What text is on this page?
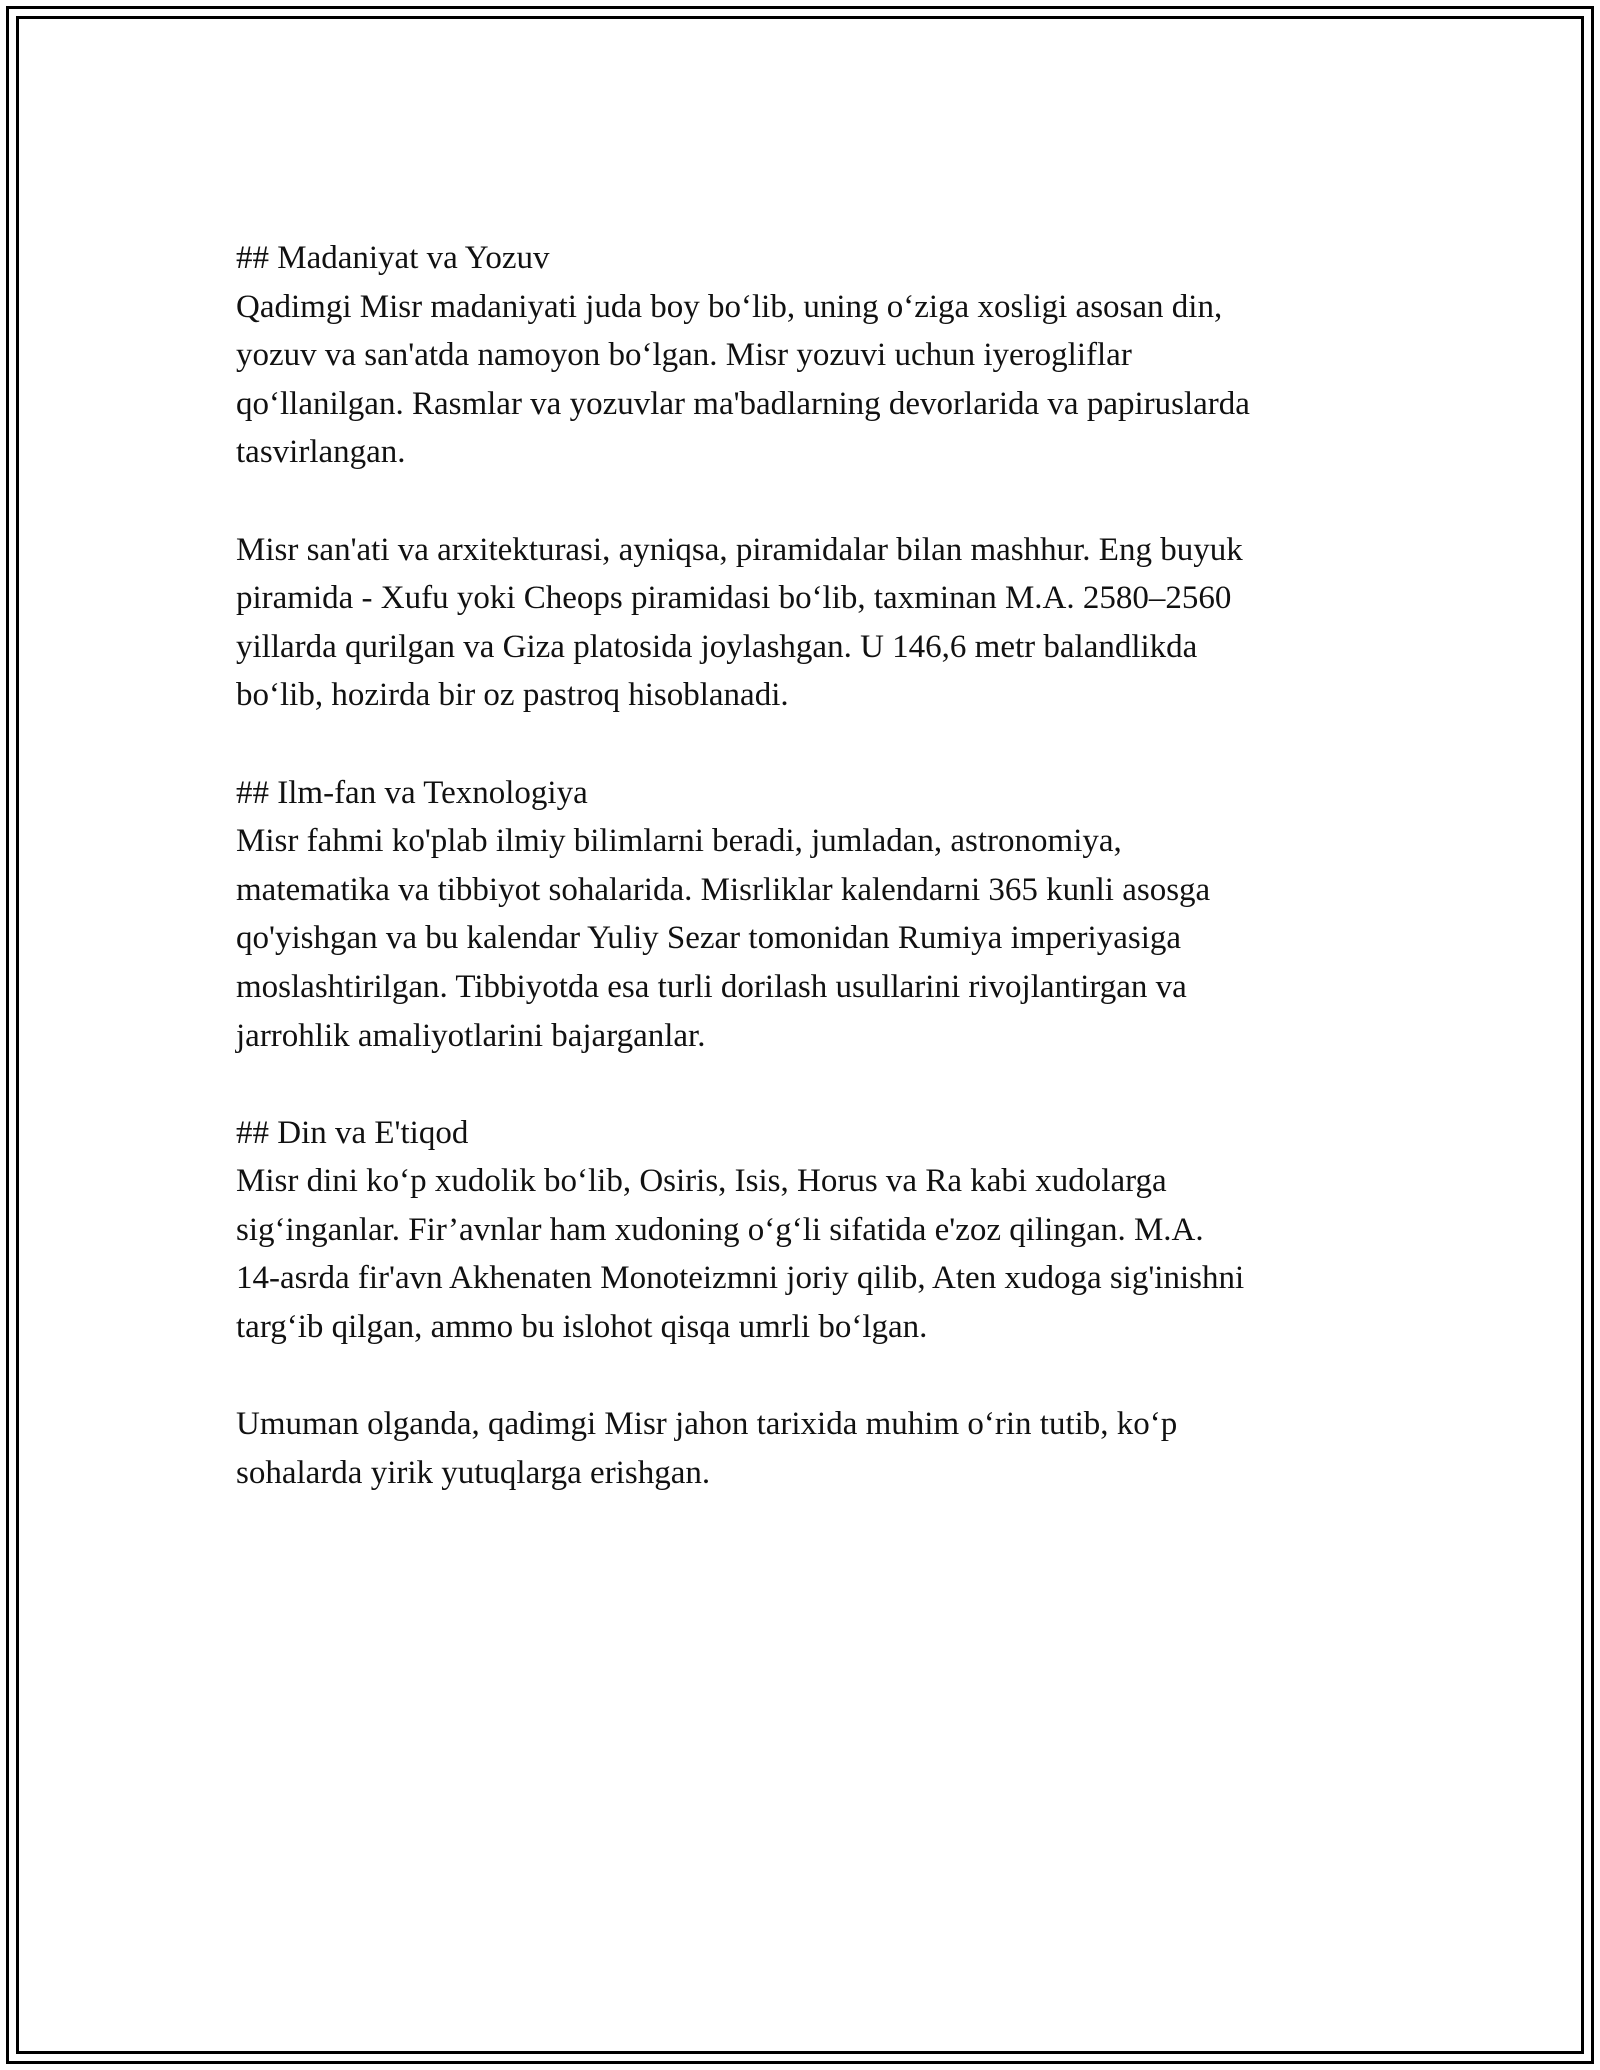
## Madaniyat va Yozuv
Qadimgi Misr madaniyati juda boy bo‘lib, uning o‘ziga xosligi asosan din,
yozuv va san'atda namoyon bo‘lgan. Misr yozuvi uchun iyerogliflar
qo‘llanilgan. Rasmlar va yozuvlar ma'badlarning devorlarida va papiruslarda
tasvirlangan.
Misr san'ati va arxitekturasi, ayniqsa, piramidalar bilan mashhur. Eng buyuk
piramida - Xufu yoki Cheops piramidasi bo‘lib, taxminan M.A. 2580–2560
yillarda qurilgan va Giza platosida joylashgan. U 146,6 metr balandlikda
bo‘lib, hozirda bir oz pastroq hisoblanadi.
## Ilm-fan va Texnologiya
Misr fahmi ko'plab ilmiy bilimlarni beradi, jumladan, astronomiya,
matematika va tibbiyot sohalarida. Misrliklar kalendarni 365 kunli asosga
qo'yishgan va bu kalendar Yuliy Sezar tomonidan Rumiya imperiyasiga
moslashtirilgan. Tibbiyotda esa turli dorilash usullarini rivojlantirgan va
jarrohlik amaliyotlarini bajarganlar.
## Din va E'tiqod
Misr dini ko‘p xudolik bo‘lib, Osiris, Isis, Horus va Ra kabi xudolarga
sig‘inganlar. Fir’avnlar ham xudoning o‘g‘li sifatida e'zoz qilingan. M.A.
14-asrda fir'avn Akhenaten Monoteizmni joriy qilib, Aten xudoga sig'inishni
targ‘ib qilgan, ammo bu islohot qisqa umrli bo‘lgan.
Umuman olganda, qadimgi Misr jahon tarixida muhim o‘rin tutib, ko‘p
sohalarda yirik yutuqlarga erishgan.
